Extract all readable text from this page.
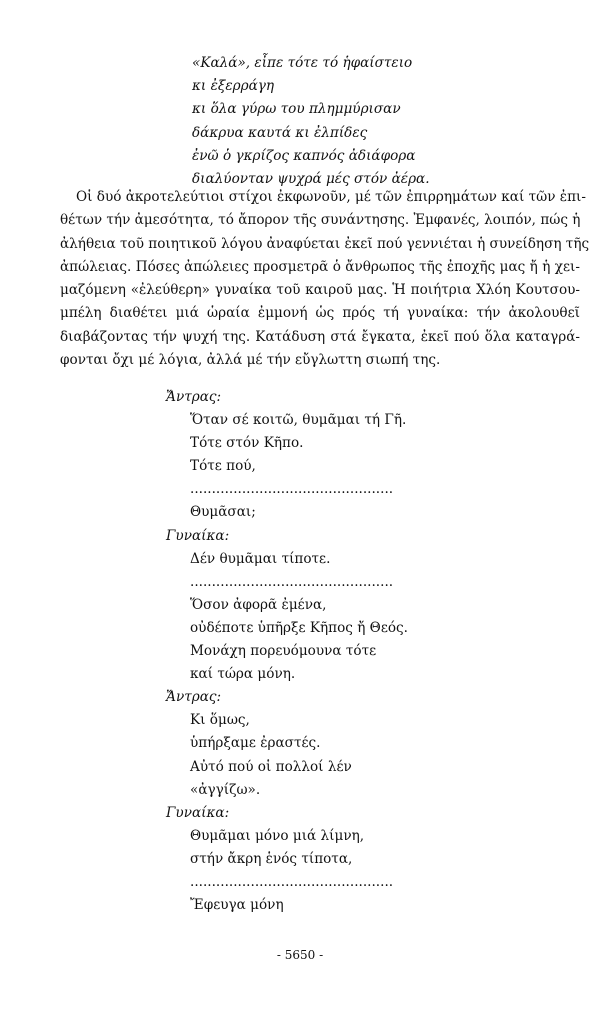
«Καλά», εἶπε τότε τό ἡφαίστειο
κι ἐξερράγη
κι ὅλα γύρω του πλημμύρισαν
δάκρυα καυτά κι ἐλπίδες
ἐνῶ ὁ γκρίζος καπνός ἀδιάφορα
διαλύονταν ψυχρά μές στόν ἀέρα.
Οἱ δυό ἀκροτελεύτιοι στίχοι ἐκφωνοῦν, μέ τῶν ἐπιρρημάτων καί τῶν ἐπι-
θέτων τήν ἀμεσότητα, τό ἄπορον τῆς συνάντησης. Ἐμφανές, λοιπόν, πώς ἡ
ἀλήθεια τοῦ ποιητικοῦ λόγου ἀναφύεται ἐκεῖ πού γεννιέται ἡ συνείδηση τῆς
ἀπώλειας. Πόσες ἀπώλειες προσμετρᾶ ὁ ἄνθρωπος τῆς ἐποχῆς μας ἤ ἡ χει-
μαζόμενη «ἐλεύθερη» γυναίκα τοῦ καιροῦ μας. Ἡ ποιήτρια Χλόη Κουτσου-
μπέλη διαθέτει μιά ὡραία ἐμμονή ὡς πρός τή γυναίκα: τήν ἀκολουθεῖ
διαβάζοντας τήν ψυχή της. Κατάδυση στά ἔγκατα, ἐκεῖ πού ὅλα καταγρά-
φονται ὄχι μέ λόγια, ἀλλά μέ τήν εὔγλωττη σιωπή της.
Ἄντρας:
Ὅταν σέ κοιτῶ, θυμᾶμαι τή Γῆ.
Τότε στόν Κῆπο.
Τότε πού,
...............................................
Θυμᾶσαι;
Γυναίκα:
Δέν θυμᾶμαι τίποτε.
...............................................
Ὅσον ἀφορᾶ ἐμένα,
οὐδέποτε ὑπῆρξε Κῆπος ἤ Θεός.
Μονάχη πορευόμουνα τότε
καί τώρα μόνη.
Ἄντρας:
Κι ὅμως,
ὑπήρξαμε ἐραστές.
Αὐτό πού οἱ πολλοί λέν
«ἀγγίζω».
Γυναίκα:
Θυμᾶμαι μόνο μιά λίμνη,
στήν ἄκρη ἑνός τίποτα,
...............................................
Ἔφευγα μόνη
- 5650 -
